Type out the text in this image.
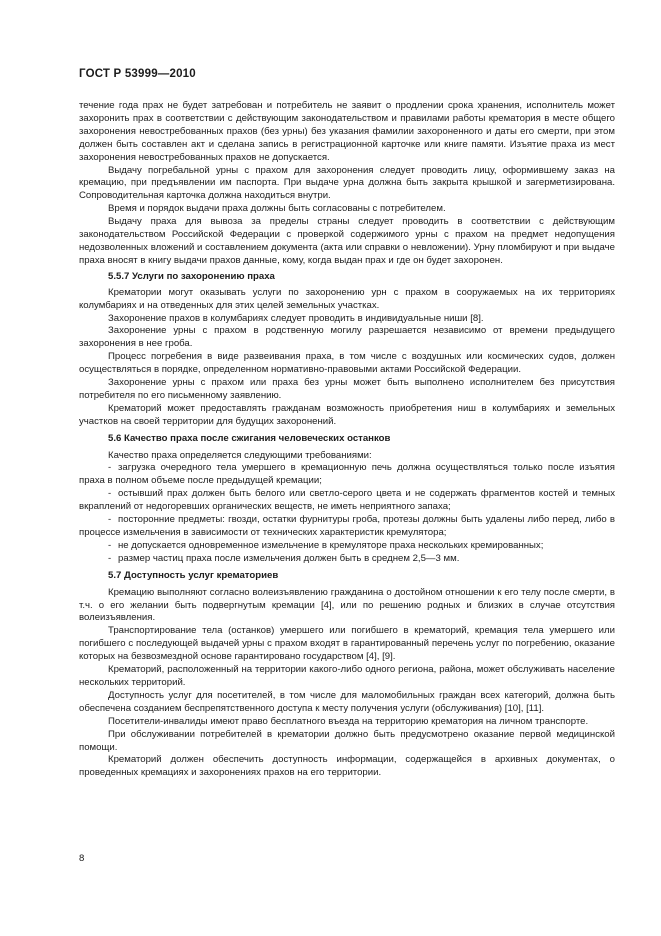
ГОСТ Р 53999—2010

течение года прах не будет затребован и потребитель не заявит о продлении срока хранения, исполнитель может захоронить прах в соответствии с действующим законодательством и правилами работы крематория в месте общего захоронения невостребованных прахов (без урны) без указания фамилии захороненного и даты его смерти, при этом должен быть составлен акт и сделана запись в регистрационной карточке или книге памяти. Изъятие праха из мест захоронения невостребованных прахов не допускается.

Выдачу погребальной урны с прахом для захоронения следует проводить лицу, оформившему заказ на кремацию, при предъявлении им паспорта. При выдаче урна должна быть закрыта крышкой и загерметизирована. Сопроводительная карточка должна находиться внутри.

Время и порядок выдачи праха должны быть согласованы с потребителем.

Выдачу праха для вывоза за пределы страны следует проводить в соответствии с действующим законодательством Российской Федерации с проверкой содержимого урны с прахом на предмет недопущения недозволенных вложений и составлением документа (акта или справки о невложении). Урну пломбируют и при выдаче праха вносят в книгу выдачи прахов данные, кому, когда выдан прах и где он будет захоронен.

5.5.7 Услуги по захоронению праха

Крематории могут оказывать услуги по захоронению урн с прахом в сооружаемых на их территориях колумбариях и на отведенных для этих целей земельных участках.

Захоронение прахов в колумбариях следует проводить в индивидуальные ниши [8].

Захоронение урны с прахом в родственную могилу разрешается независимо от времени предыдущего захоронения в нее гроба.

Процесс погребения в виде развеивания праха, в том числе с воздушных или космических судов, должен осуществляться в порядке, определенном нормативно-правовыми актами Российской Федерации.

Захоронение урны с прахом или праха без урны может быть выполнено исполнителем без присутствия потребителя по его письменному заявлению.

Крематорий может предоставлять гражданам возможность приобретения ниш в колумбариях и земельных участков на своей территории для будущих захоронений.

5.6 Качество праха после сжигания человеческих останков

Качество праха определяется следующими требованиями:

- загрузка очередного тела умершего в кремационную печь должна осуществляться только после изъятия праха в полном объеме после предыдущей кремации;

- остывший прах должен быть белого или светло-серого цвета и не содержать фрагментов костей и темных вкраплений от недогоревших органических веществ, не иметь неприятного запаха;

- посторонние предметы: гвозди, остатки фурнитуры гроба, протезы должны быть удалены либо перед, либо в процессе измельчения в зависимости от технических характеристик кремулятора;

- не допускается одновременное измельчение в кремуляторе праха нескольких кремированных;

- размер частиц праха после измельчения должен быть в среднем 2,5—3 мм.

5.7 Доступность услуг крематориев

Кремацию выполняют согласно волеизъявлению гражданина о достойном отношении к его телу после смерти, в т.ч. о его желании быть подвергнутым кремации [4], или по решению родных и близких в случае отсутствия волеизъявления.

Транспортирование тела (останков) умершего или погибшего в крематорий, кремация тела умершего или погибшего с последующей выдачей урны с прахом входят в гарантированный перечень услуг по погребению, оказание которых на безвозмездной основе гарантировано государством [4], [9].

Крематорий, расположенный на территории какого-либо одного региона, района, может обслуживать население нескольких территорий.

Доступность услуг для посетителей, в том числе для маломобильных граждан всех категорий, должна быть обеспечена созданием беспрепятственного доступа к месту получения услуги (обслуживания) [10], [11].

Посетители-инвалиды имеют право бесплатного въезда на территорию крематория на личном транспорте.

При обслуживании потребителей в крематории должно быть предусмотрено оказание первой медицинской помощи.

Крематорий должен обеспечить доступность информации, содержащейся в архивных документах, о проведенных кремациях и захоронениях прахов на его территории.

8
